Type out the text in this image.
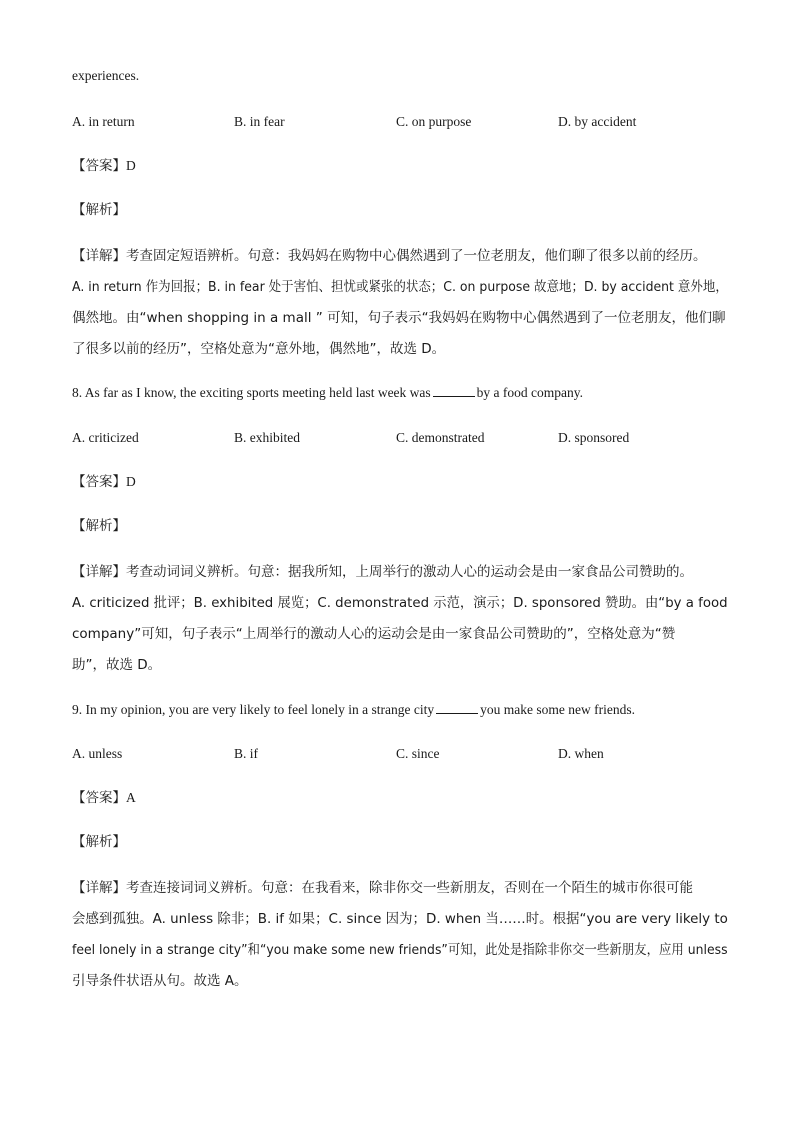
experiences.
A. in return	B. in fear	C. on purpose	D. by accident
【答案】D
【解析】
【详解】考查固定短语辨析。句意：我妈妈在购物中心偶然遇到了一位老朋友，他们聊了很多以前的经历。
A. in return 作为回报；B. in fear 处于害怕、担忧或紧张的状态；C. on purpose 故意地；D. by accident 意外地，
偶然地。由“when shopping in a mall ” 可知，句子表示“我妈妈在购物中心偶然遇到了一位老朋友，他们聊
了很多以前的经历”，空格处意为“意外地，偶然地”，故选 D。
8. As far as I know, the exciting sports meeting held last week was	by a food company.
A. criticized	B. exhibited	C. demonstrated	D. sponsored
【答案】D
【解析】
【详解】考查动词词义辨析。句意：据我所知，上周举行的激动人心的运动会是由一家食品公司赞助的。
A. criticized 批评；B. exhibited 展览；C. demonstrated 示范，演示；D. sponsored 赞助。由“by a food
company”可知，句子表示“上周举行的激动人心的运动会是由一家食品公司赞助的”，空格处意为“赞
助”，故选 D。
9. In my opinion, you are very likely to feel lonely in a strange city	you make some new friends.
A. unless	B. if	C. since	D. when
【答案】A
【解析】
【详解】考查连接词词义辨析。句意：在我看来，除非你交一些新朋友，否则在一个陌生的城市你很可能
会感到孤独。A. unless 除非；B. if 如果；C. since 因为；D. when 当……时。根据“you are very likely to
feel lonely in a strange city”和“you make some new friends”可知，此处是指除非你交一些新朋友，应用 unless
引导条件状语从句。故选 A。
